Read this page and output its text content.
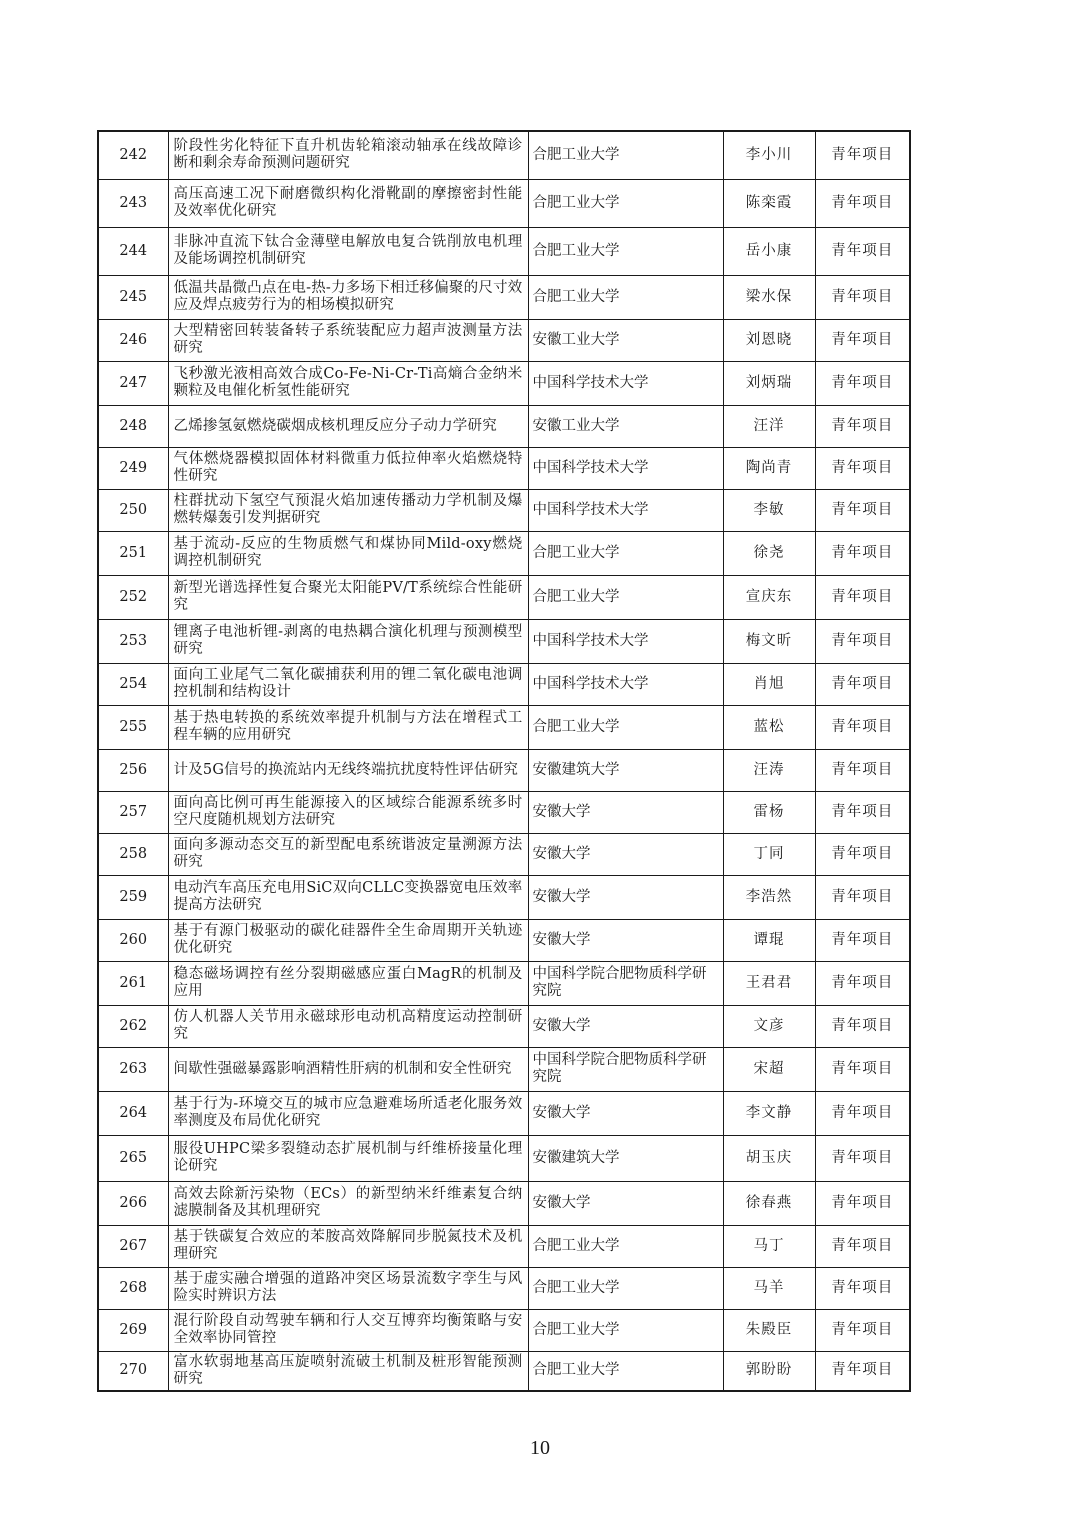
242	阶段性劣化特征下直升机齿轮箱滚动轴承在线故障诊断和剩余寿命预测问题研究	合肥工业大学	李小川	青年项目
243	高压高速工况下耐磨微织构化滑靴副的摩擦密封性能及效率优化研究	合肥工业大学	陈栾霞	青年项目
244	非脉冲直流下钛合金薄壁电解放电复合铣削放电机理及能场调控机制研究	合肥工业大学	岳小康	青年项目
245	低温共晶微凸点在电-热-力多场下相迁移偏聚的尺寸效应及焊点疲劳行为的相场模拟研究	合肥工业大学	梁水保	青年项目
246	大型精密回转装备转子系统装配应力超声波测量方法研究	安徽工业大学	刘恩晓	青年项目
247	飞秒激光液相高效合成Co-Fe-Ni-Cr-Ti高熵合金纳米颗粒及电催化析氢性能研究	中国科学技术大学	刘炳瑞	青年项目
248	乙烯掺氢氨燃烧碳烟成核机理反应分子动力学研究	安徽工业大学	汪洋	青年项目
249	气体燃烧器模拟固体材料微重力低拉伸率火焰燃烧特性研究	中国科学技术大学	陶尚青	青年项目
250	柱群扰动下氢空气预混火焰加速传播动力学机制及爆燃转爆轰引发判据研究	中国科学技术大学	李敏	青年项目
251	基于流动-反应的生物质燃气和煤协同Mild-oxy燃烧调控机制研究	合肥工业大学	徐尧	青年项目
252	新型光谱选择性复合聚光太阳能PV/T系统综合性能研究	合肥工业大学	宣庆东	青年项目
253	锂离子电池析锂-剥离的电热耦合演化机理与预测模型研究	中国科学技术大学	梅文昕	青年项目
254	面向工业尾气二氧化碳捕获利用的锂二氧化碳电池调控机制和结构设计	中国科学技术大学	肖旭	青年项目
255	基于热电转换的系统效率提升机制与方法在增程式工程车辆的应用研究	合肥工业大学	蓝松	青年项目
256	计及5G信号的换流站内无线终端抗扰度特性评估研究	安徽建筑大学	汪涛	青年项目
257	面向高比例可再生能源接入的区域综合能源系统多时空尺度随机规划方法研究	安徽大学	雷杨	青年项目
258	面向多源动态交互的新型配电系统谐波定量溯源方法研究	安徽大学	丁同	青年项目
259	电动汽车高压充电用SiC双向CLLC变换器宽电压效率提高方法研究	安徽大学	李浩然	青年项目
260	基于有源门极驱动的碳化硅器件全生命周期开关轨迹优化研究	安徽大学	谭琨	青年项目
261	稳态磁场调控有丝分裂期磁感应蛋白MagR的机制及应用	中国科学院合肥物质科学研究院	王君君	青年项目
262	仿人机器人关节用永磁球形电动机高精度运动控制研究	安徽大学	文彦	青年项目
263	间歇性强磁暴露影响酒精性肝病的机制和安全性研究	中国科学院合肥物质科学研究院	宋超	青年项目
264	基于行为-环境交互的城市应急避难场所适老化服务效率测度及布局优化研究	安徽大学	李文静	青年项目
265	服役UHPC梁多裂缝动态扩展机制与纤维桥接量化理论研究	安徽建筑大学	胡玉庆	青年项目
266	高效去除新污染物（ECs）的新型纳米纤维素复合纳滤膜制备及其机理研究	安徽大学	徐春燕	青年项目
267	基于铁碳复合效应的苯胺高效降解同步脱氮技术及机理研究	合肥工业大学	马丁	青年项目
268	基于虚实融合增强的道路冲突区场景流数字孪生与风险实时辨识方法	合肥工业大学	马羊	青年项目
269	混行阶段自动驾驶车辆和行人交互博弈均衡策略与安全效率协同管控	合肥工业大学	朱殿臣	青年项目
270	富水软弱地基高压旋喷射流破土机制及桩形智能预测研究	合肥工业大学	郭盼盼	青年项目
10
